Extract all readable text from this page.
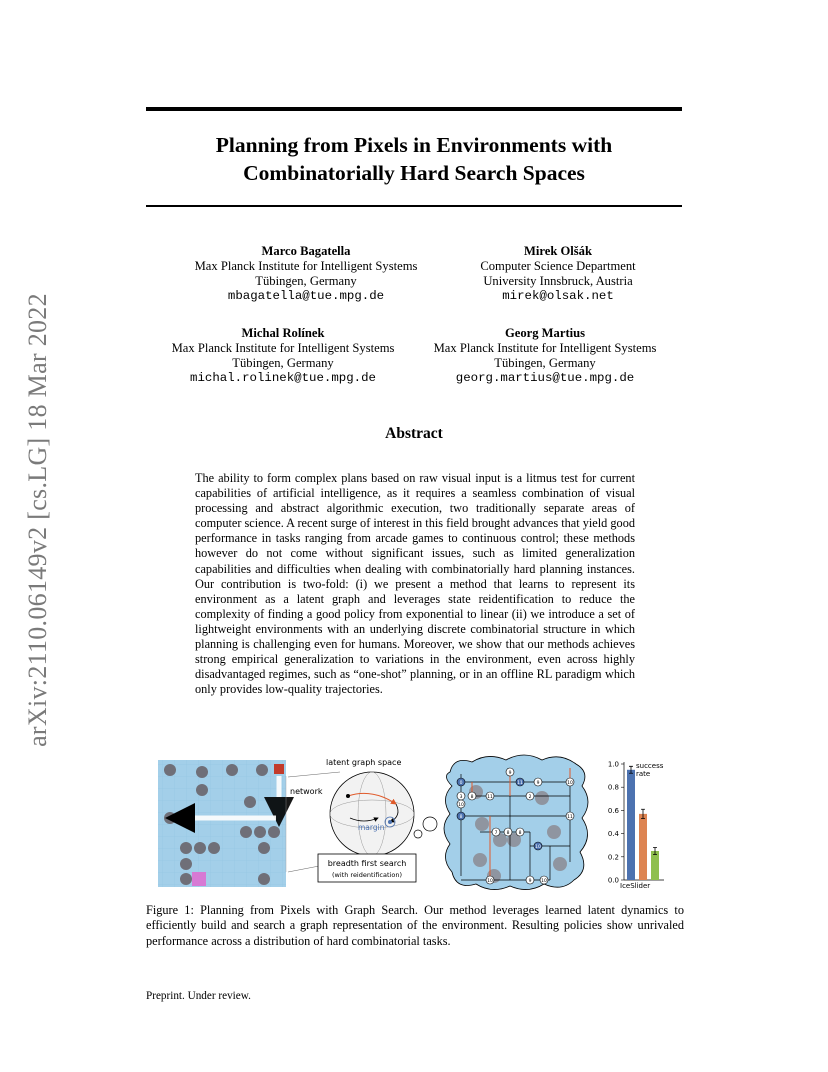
arXiv:2110.06149v2 [cs.LG] 18 Mar 2022
Planning from Pixels in Environments with
Combinatorially Hard Search Spaces
Marco Bagatella
Max Planck Institute for Intelligent Systems
Tübingen, Germany
mbagatella@tue.mpg.de
Mirek Olšák
Computer Science Department
University Innsbruck, Austria
mirek@olsak.net
Michal Rolínek
Max Planck Institute for Intelligent Systems
Tübingen, Germany
michal.rolinek@tue.mpg.de
Georg Martius
Max Planck Institute for Intelligent Systems
Tübingen, Germany
georg.martius@tue.mpg.de
Abstract
The ability to form complex plans based on raw visual input is a litmus test for current capabilities of artificial intelligence, as it requires a seamless combination of visual processing and abstract algorithmic execution, two traditionally separate areas of computer science. A recent surge of interest in this field brought advances that yield good performance in tasks ranging from arcade games to continuous control; these methods however do not come without significant issues, such as limited generalization capabilities and difficulties when dealing with combinatorially hard planning instances. Our contribution is two-fold: (i) we present a method that learns to represent its environment as a latent graph and leverages state reidentification to reduce the complexity of finding a good policy from exponential to linear (ii) we introduce a set of lightweight environments with an underlying discrete combinatorial structure in which planning is challenging even for humans. Moreover, we show that our methods achieves strong empirical generalization to variations in the environment, even across highly disadvantaged regimes, such as “one-shot” planning, or in an offline RL paradigm which only provides low-quality trajectories.
network
latent graph space
margin
breadth first search
(with reidentification)
0
9
3 8
10
11	9	10
11	2
8
7 8 8
11
10
10	9 10	0.0
0.2
0.4
0.6
0.8
1.0 success rate
IceSlider
Figure 1: Planning from Pixels with Graph Search. Our method leverages learned latent dynamics to efficiently build and search a graph representation of the environment. Resulting policies show unrivaled performance across a distribution of hard combinatorial tasks.
Preprint. Under review.
